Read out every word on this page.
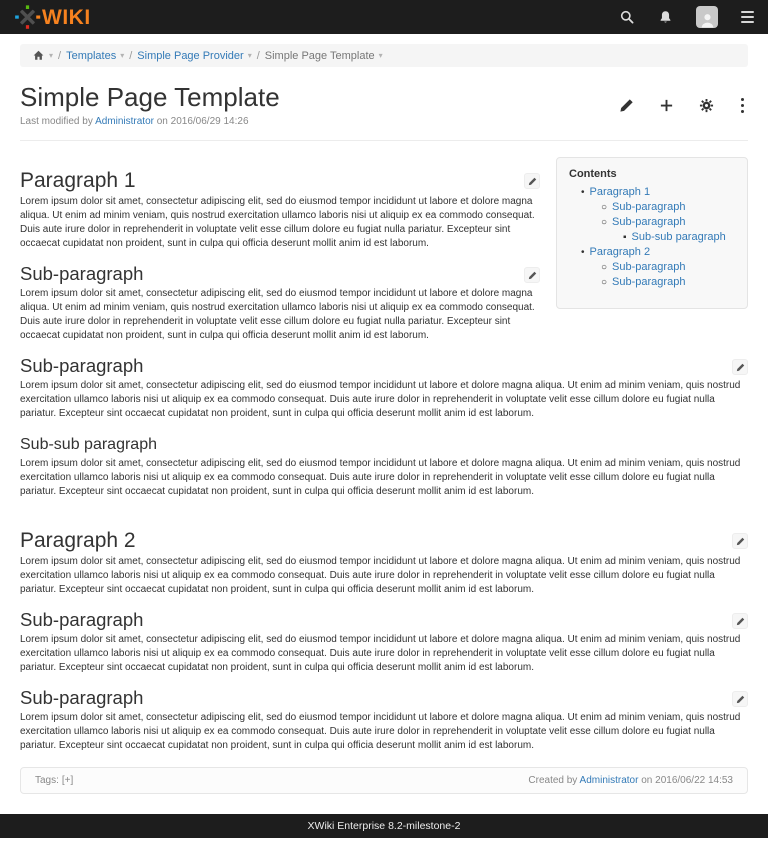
WIKI
▾ / Templates ▾ / Simple Page Provider ▾ / Simple Page Template ▾
Simple Page Template
Last modified by Administrator on 2016/06/29 14:26
Contents
• Paragraph 1
○ Sub-paragraph
○ Sub-paragraph
▪ Sub-sub paragraph
• Paragraph 2
○ Sub-paragraph
○ Sub-paragraph
Paragraph 1

Lorem ipsum dolor sit amet, consectetur adipiscing elit, sed do eiusmod tempor incididunt ut labore et dolore magna aliqua. Ut enim ad minim veniam, quis nostrud exercitation ullamco laboris nisi ut aliquip ex ea commodo consequat. Duis aute irure dolor in reprehenderit in voluptate velit esse cillum dolore eu fugiat nulla pariatur. Excepteur sint occaecat cupidatat non proident, sunt in culpa qui officia deserunt mollit anim id est laborum.

Sub-paragraph

Lorem ipsum dolor sit amet, consectetur adipiscing elit, sed do eiusmod tempor incididunt ut labore et dolore magna aliqua. Ut enim ad minim veniam, quis nostrud exercitation ullamco laboris nisi ut aliquip ex ea commodo consequat. Duis aute irure dolor in reprehenderit in voluptate velit esse cillum dolore eu fugiat nulla pariatur. Excepteur sint occaecat cupidatat non proident, sunt in culpa qui officia deserunt mollit anim id est laborum.

Sub-paragraph

Lorem ipsum dolor sit amet, consectetur adipiscing elit, sed do eiusmod tempor incididunt ut labore et dolore magna aliqua. Ut enim ad minim veniam, quis nostrud exercitation ullamco laboris nisi ut aliquip ex ea commodo consequat. Duis aute irure dolor in reprehenderit in voluptate velit esse cillum dolore eu fugiat nulla pariatur. Excepteur sint occaecat cupidatat non proident, sunt in culpa qui officia deserunt mollit anim id est laborum.

Sub-sub paragraph

Lorem ipsum dolor sit amet, consectetur adipiscing elit, sed do eiusmod tempor incididunt ut labore et dolore magna aliqua. Ut enim ad minim veniam, quis nostrud exercitation ullamco laboris nisi ut aliquip ex ea commodo consequat. Duis aute irure dolor in reprehenderit in voluptate velit esse cillum dolore eu fugiat nulla pariatur. Excepteur sint occaecat cupidatat non proident, sunt in culpa qui officia deserunt mollit anim id est laborum.

Paragraph 2

Lorem ipsum dolor sit amet, consectetur adipiscing elit, sed do eiusmod tempor incididunt ut labore et dolore magna aliqua. Ut enim ad minim veniam, quis nostrud exercitation ullamco laboris nisi ut aliquip ex ea commodo consequat. Duis aute irure dolor in reprehenderit in voluptate velit esse cillum dolore eu fugiat nulla pariatur. Excepteur sint occaecat cupidatat non proident, sunt in culpa qui officia deserunt mollit anim id est laborum.

Sub-paragraph

Lorem ipsum dolor sit amet, consectetur adipiscing elit, sed do eiusmod tempor incididunt ut labore et dolore magna aliqua. Ut enim ad minim veniam, quis nostrud exercitation ullamco laboris nisi ut aliquip ex ea commodo consequat. Duis aute irure dolor in reprehenderit in voluptate velit esse cillum dolore eu fugiat nulla pariatur. Excepteur sint occaecat cupidatat non proident, sunt in culpa qui officia deserunt mollit anim id est laborum.

Sub-paragraph

Lorem ipsum dolor sit amet, consectetur adipiscing elit, sed do eiusmod tempor incididunt ut labore et dolore magna aliqua. Ut enim ad minim veniam, quis nostrud exercitation ullamco laboris nisi ut aliquip ex ea commodo consequat. Duis aute irure dolor in reprehenderit in voluptate velit esse cillum dolore eu fugiat nulla pariatur. Excepteur sint occaecat cupidatat non proident, sunt in culpa qui officia deserunt mollit anim id est laborum.

Tags: [+]	Created by Administrator on 2016/06/22 14:53
XWiki Enterprise 8.2-milestone-2
